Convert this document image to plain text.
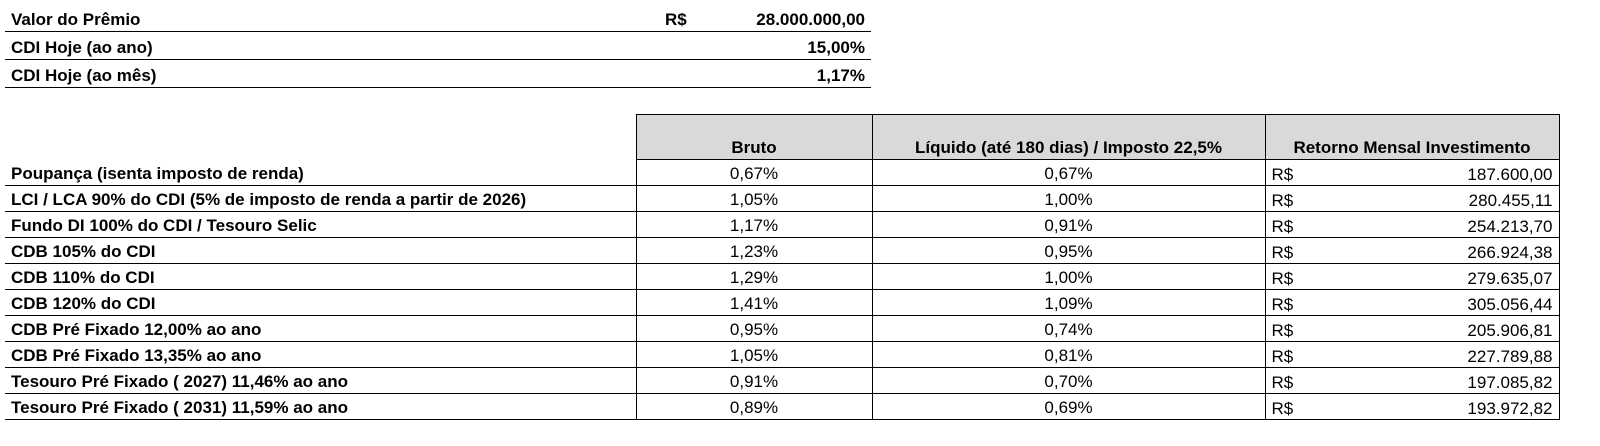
Valor do Prêmio	R$	28.000.000,00
CDI Hoje (ao ano)		15,00%
CDI Hoje (ao mês)		1,17%
	Bruto	Líquido (até 180 dias) / Imposto 22,5%	Retorno Mensal Investimento
Poupança (isenta imposto de renda)	0,67%	0,67%	R$ 187.600,00

LCI / LCA 90% do CDI (5% de imposto de renda a partir de 2026)	1,05%	1,00%	R$ 280.455,11

Fundo DI 100% do CDI / Tesouro Selic	1,17%	0,91%	R$ 254.213,70

CDB 105% do CDI	1,23%	0,95%	R$ 266.924,38

CDB 110% do CDI	1,29%	1,00%	R$ 279.635,07

CDB 120% do CDI	1,41%	1,09%	R$ 305.056,44

CDB Pré Fixado 12,00% ao ano	0,95%	0,74%	R$ 205.906,81

CDB Pré Fixado 13,35% ao ano	1,05%	0,81%	R$ 227.789,88

Tesouro Pré Fixado ( 2027) 11,46% ao ano	0,91%	0,70%	R$ 197.085,82

Tesouro Pré Fixado ( 2031) 11,59% ao ano	0,89%	0,69%	R$ 193.972,82
